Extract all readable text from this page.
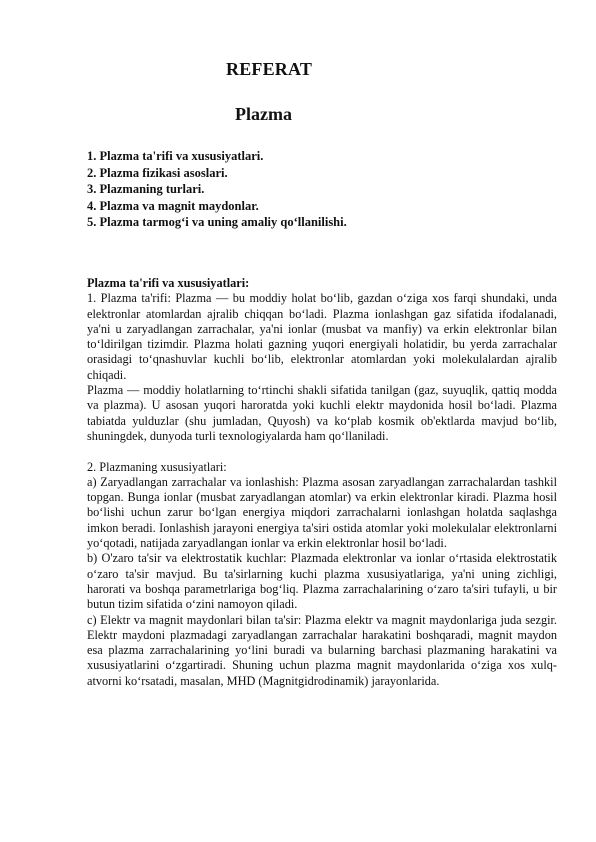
REFERAT
Plazma
1. Plazma ta'rifi va xususiyatlari.
2. Plazma fizikasi asoslari.
3. Plazmaning turlari.
4. Plazma va magnit maydonlar.
5. Plazma tarmog‘i va uning amaliy qo‘llanilishi.

Plazma ta'rifi va xususiyatlari:

1. Plazma ta'rifi: Plazma — bu moddiy holat bo‘lib, gazdan o‘ziga xos farqi shundaki, unda elektronlar atomlardan ajralib chiqqan bo‘ladi. Plazma ionlashgan gaz sifatida ifodalanadi, ya'ni u zaryadlangan zarrachalar, ya'ni ionlar (musbat va manfiy) va erkin elektronlar bilan to‘ldirilgan tizimdir. Plazma holati gazning yuqori energiyali holatidir, bu yerda zarrachalar orasidagi to‘qnashuvlar kuchli bo‘lib, elektronlar atomlardan yoki molekulalardan ajralib chiqadi.

Plazma — moddiy holatlarning to‘rtinchi shakli sifatida tanilgan (gaz, suyuqlik, qattiq modda va plazma). U asosan yuqori haroratda yoki kuchli elektr maydonida hosil bo‘ladi. Plazma tabiatda yulduzlar (shu jumladan, Quyosh) va ko‘plab kosmik ob'ektlarda mavjud bo‘lib, shuningdek, dunyoda turli texnologiyalarda ham qo‘llaniladi.

2. Plazmaning xususiyatlari:

a) Zaryadlangan zarrachalar va ionlashish: Plazma asosan zaryadlangan zarrachalardan tashkil topgan. Bunga ionlar (musbat zaryadlangan atomlar) va erkin elektronlar kiradi. Plazma hosil bo‘lishi uchun zarur bo‘lgan energiya miqdori zarrachalarni ionlashgan holatda saqlashga imkon beradi. Ionlashish jarayoni energiya ta'siri ostida atomlar yoki molekulalar elektronlarni yo‘qotadi, natijada zaryadlangan ionlar va erkin elektronlar hosil bo‘ladi.

b) O'zaro ta'sir va elektrostatik kuchlar: Plazmada elektronlar va ionlar o‘rtasida elektrostatik o‘zaro ta'sir mavjud. Bu ta'sirlarning kuchi plazma xususiyatlariga, ya'ni uning zichligi, harorati va boshqa parametrlariga bog‘liq. Plazma zarrachalarining o‘zaro ta'siri tufayli, u bir butun tizim sifatida o‘zini namoyon qiladi.

c) Elektr va magnit maydonlari bilan ta'sir: Plazma elektr va magnit maydonlariga juda sezgir. Elektr maydoni plazmadagi zaryadlangan zarrachalar harakatini boshqaradi, magnit maydon esa plazma zarrachalarining yo‘lini buradi va bularning barchasi plazmaning harakatini va xususiyatlarini o‘zgartiradi. Shuning uchun plazma magnit maydonlarida o‘ziga xos xulq-atvorni ko‘rsatadi, masalan, MHD (Magnitgidrodinamik) jarayonlarida.
